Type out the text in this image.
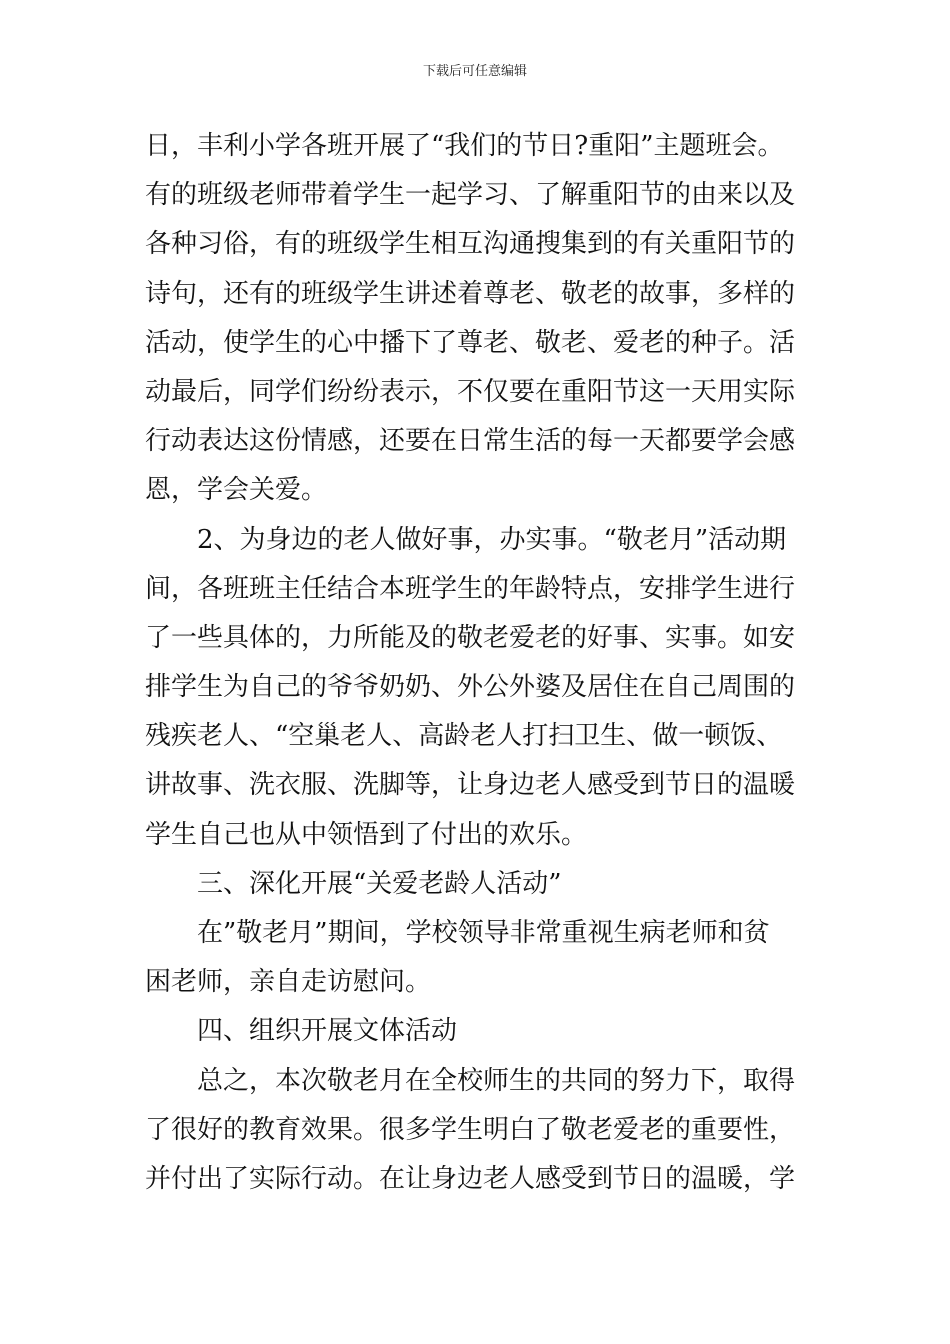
下载后可任意编辑
日，丰利小学各班开展了“我们的节日?重阳”主题班会。
有的班级老师带着学生一起学习、了解重阳节的由来以及
各种习俗，有的班级学生相互沟通搜集到的有关重阳节的
诗句，还有的班级学生讲述着尊老、敬老的故事，多样的
活动，使学生的心中播下了尊老、敬老、爱老的种子。活
动最后，同学们纷纷表示，不仅要在重阳节这一天用实际
行动表达这份情感，还要在日常生活的每一天都要学会感
恩，学会关爱。
2、为身边的老人做好事，办实事。“敬老月”活动期
间，各班班主任结合本班学生的年龄特点，安排学生进行
了一些具体的，力所能及的敬老爱老的好事、实事。如安
排学生为自己的爷爷奶奶、外公外婆及居住在自己周围的
残疾老人、“空巢老人、高龄老人打扫卫生、做一顿饭、
讲故事、洗衣服、洗脚等，让身边老人感受到节日的温暖
学生自己也从中领悟到了付出的欢乐。
三、深化开展“关爱老龄人活动”
在”敬老月”期间，学校领导非常重视生病老师和贫
困老师，亲自走访慰问。
四、组织开展文体活动
总之，本次敬老月在全校师生的共同的努力下，取得
了很好的教育效果。很多学生明白了敬老爱老的重要性，
并付出了实际行动。在让身边老人感受到节日的温暖，学
